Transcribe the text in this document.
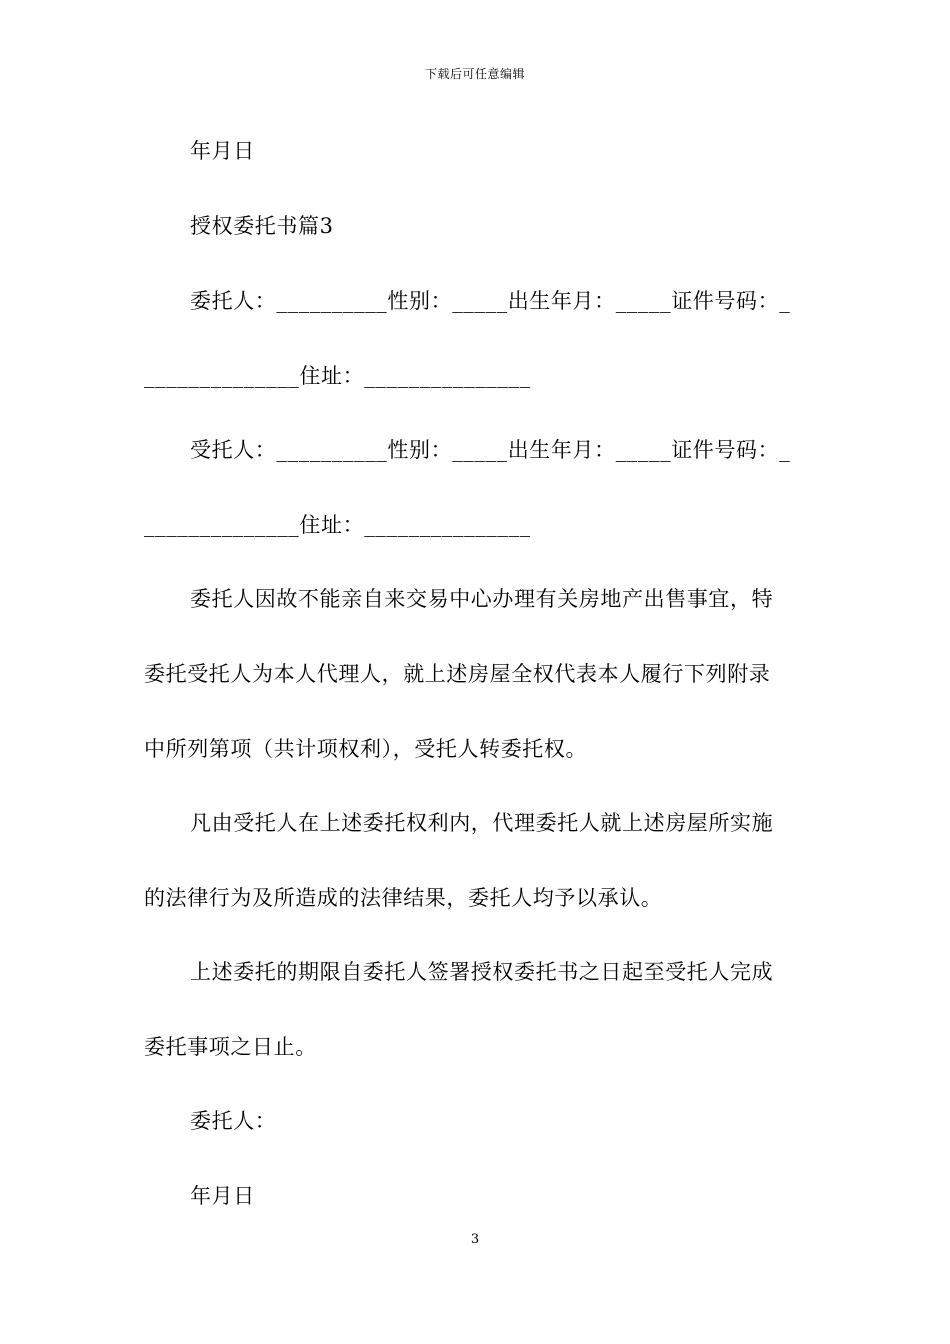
下载后可任意编辑
年月日
授权委托书篇3
委托人：__________性别：_____出生年月：_____证件号码：_
______________住址：_______________
受托人：__________性别：_____出生年月：_____证件号码：_
______________住址：_______________
委托人因故不能亲自来交易中心办理有关房地产出售事宜，特
委托受托人为本人代理人，就上述房屋全权代表本人履行下列附录
中所列第项（共计项权利），受托人转委托权。
凡由受托人在上述委托权利内，代理委托人就上述房屋所实施
的法律行为及所造成的法律结果，委托人均予以承认。
上述委托的期限自委托人签署授权委托书之日起至受托人完成
委托事项之日止。
委托人：
年月日
3
